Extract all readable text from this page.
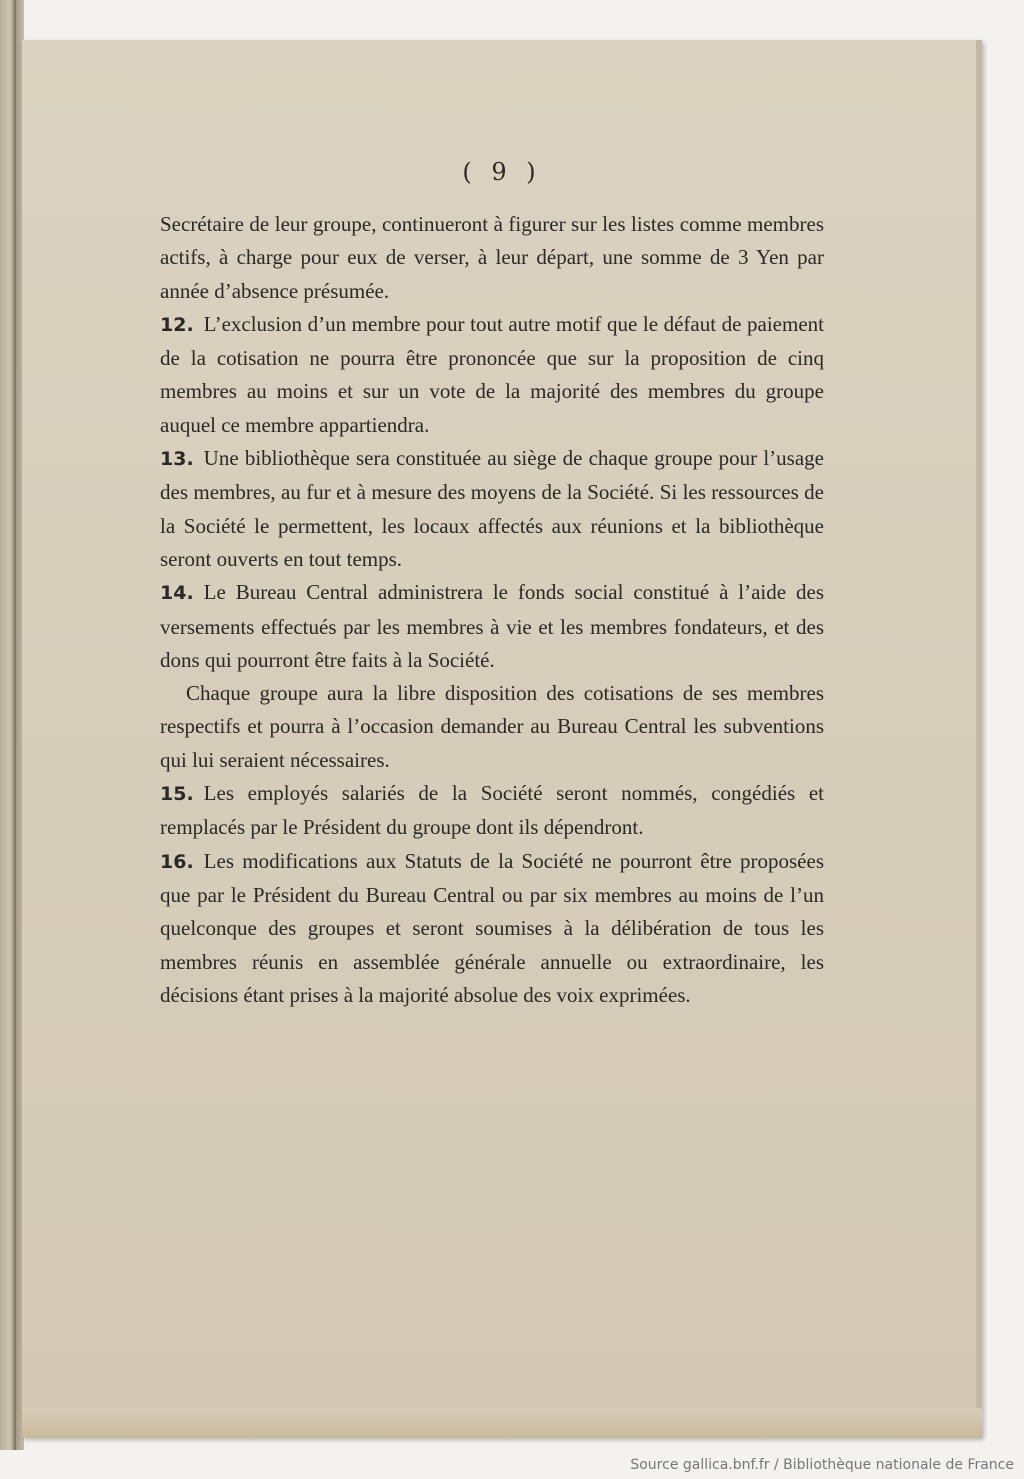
( 9 )

Secrétaire de leur groupe, continueront à figurer sur les listes comme membres actifs, à charge pour eux de verser, à leur départ, une somme de 3 Yen par année d’absence présumée.

12. L’exclusion d’un membre pour tout autre motif que le défaut de paiement de la cotisation ne pourra être prononcée que sur la proposition de cinq membres au moins et sur un vote de la majorité des membres du groupe auquel ce membre appartiendra.

13. Une bibliothèque sera constituée au siège de chaque groupe pour l’usage des membres, au fur et à mesure des moyens de la Société. Si les ressources de la Société le permettent, les locaux affectés aux réunions et la bibliothèque seront ouverts en tout temps.

14. Le Bureau Central administrera le fonds social constitué à l’aide des versements effectués par les membres à vie et les membres fondateurs, et des dons qui pourront être faits à la Société.

Chaque groupe aura la libre disposition des cotisations de ses membres respectifs et pourra à l’occasion demander au Bureau Central les subventions qui lui seraient nécessaires.

15. Les employés salariés de la Société seront nommés, congédiés et remplacés par le Président du groupe dont ils dépendront.

16. Les modifications aux Statuts de la Société ne pourront être proposées que par le Président du Bureau Central ou par six membres au moins de l’un quelconque des groupes et seront soumises à la délibération de tous les membres réunis en assemblée générale annuelle ou extraordinaire, les décisions étant prises à la majorité absolue des voix exprimées.

Source gallica.bnf.fr / Bibliothèque nationale de France
